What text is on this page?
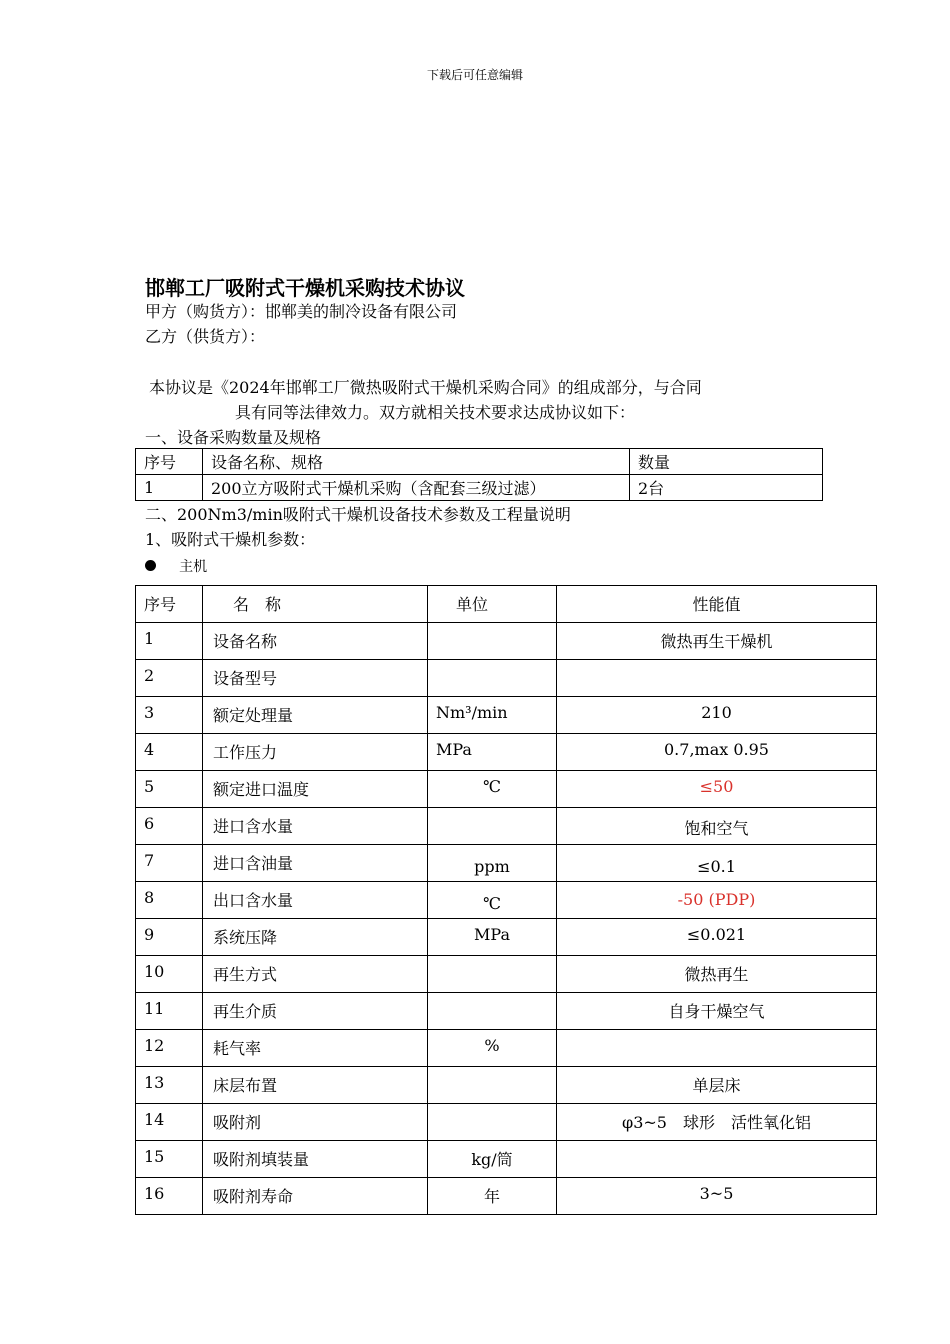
下载后可任意编辑
邯郸工厂吸附式干燥机采购技术协议
甲方（购货方）：邯郸美的制冷设备有限公司
乙方（供货方）：
本协议是《2024年邯郸工厂微热吸附式干燥机采购合同》的组成部分，与合同
具有同等法律效力。双方就相关技术要求达成协议如下：
一、设备采购数量及规格
序号	设备名称、规格	数量
1	200立方吸附式干燥机采购（含配套三级过滤）	2台
二、200Nm3/min吸附式干燥机设备技术参数及工程量说明
1、吸附式干燥机参数：
主机
序号	名　称	单位	性能值
1	设备名称		微热再生干燥机
2	设备型号		
3	额定处理量	Nm³/min	210
4	工作压力	MPa	0.7,max 0.95
5	额定进口温度	℃	≤50
6	进口含水量		饱和空气
7	进口含油量	ppm	≤0.1
8	出口含水量	℃	-50 (PDP)
9	系统压降	MPa	≤0.021
10	再生方式		微热再生
11	再生介质		自身干燥空气
12	耗气率	%	
13	床层布置		单层床
14	吸附剂		φ3~5　球形　活性氧化铝
15	吸附剂填装量	kg/筒	
16	吸附剂寿命	年	3~5
